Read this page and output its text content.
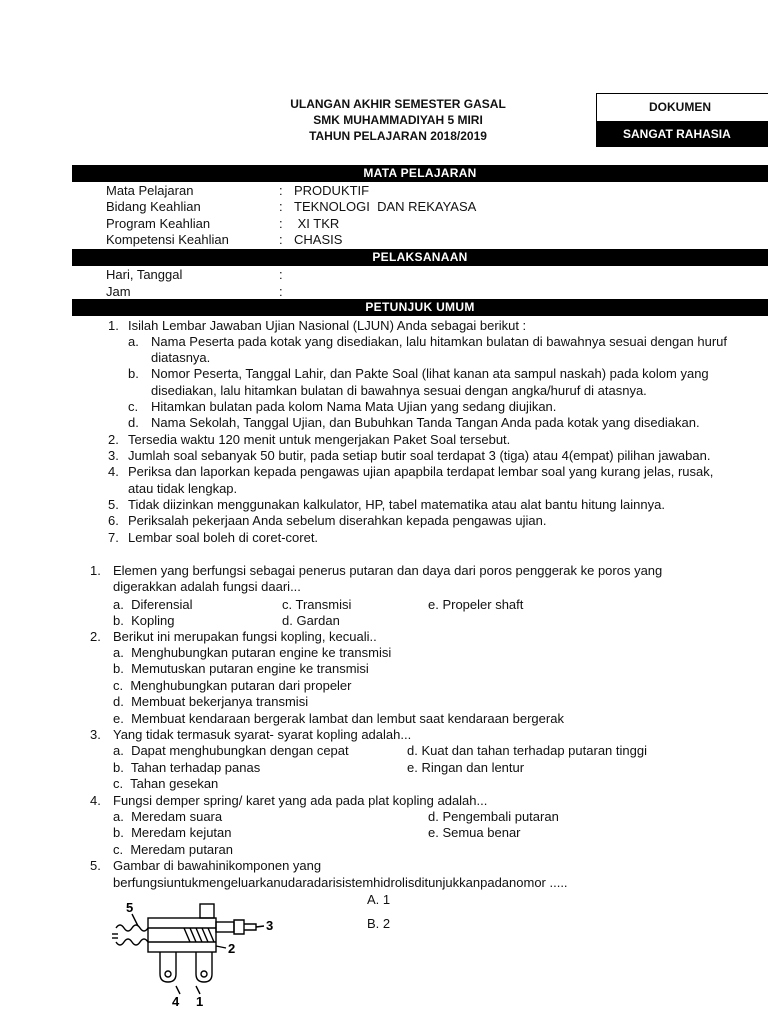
ULANGAN AKHIR SEMESTER GASAL
SMK MUHAMMADIYAH 5 MIRI
TAHUN PELAJARAN 2018/2019
DOKUMEN
SANGAT RAHASIA
MATA PELAJARAN
Mata Pelajaran	: PRODUKTIF
Bidang Keahlian	: TEKNOLOGI  DAN REKAYASA
Program Keahlian	: XI TKR
Kompetensi Keahlian	: CHASIS
PELAKSANAAN
Hari, Tanggal	:
Jam	:
PETUNJUK UMUM
1. Isilah Lembar Jawaban Ujian Nasional (LJUN) Anda sebagai berikut :
a. Nama Peserta pada kotak yang disediakan, lalu hitamkan bulatan di bawahnya sesuai dengan huruf
diatasnya.
b. Nomor Peserta, Tanggal Lahir, dan Pakte Soal (lihat kanan ata sampul naskah) pada kolom yang
disediakan, lalu hitamkan bulatan di bawahnya sesuai dengan angka/huruf di atasnya.
c. Hitamkan bulatan pada kolom Nama Mata Ujian yang sedang diujikan.
d. Nama Sekolah, Tanggal Ujian, dan Bubuhkan Tanda Tangan Anda pada kotak yang disediakan.
2. Tersedia waktu 120 menit untuk mengerjakan Paket Soal tersebut.
3. Jumlah soal sebanyak 50 butir, pada setiap butir soal terdapat 3 (tiga) atau 4(empat) pilihan jawaban.
4. Periksa dan laporkan kepada pengawas ujian apapbila terdapat lembar soal yang kurang jelas, rusak,
atau tidak lengkap.
5. Tidak diizinkan menggunakan kalkulator, HP, tabel matematika atau alat bantu hitung lainnya.
6. Periksalah pekerjaan Anda sebelum diserahkan kepada pengawas ujian.
7. Lembar soal boleh di coret-coret.
1. Elemen yang berfungsi sebagai penerus putaran dan daya dari poros penggerak ke poros yang
digerakkan adalah fungsi daari...
a.  Diferensial	c. Transmisi	e. Propeler shaft
b.  Kopling	d. Gardan
2. Berikut ini merupakan fungsi kopling, kecuali..
a.  Menghubungkan putaran engine ke transmisi
b.  Memutuskan putaran engine ke transmisi
c.  Menghubungkan putaran dari propeler
d.  Membuat bekerjanya transmisi
e.  Membuat kendaraan bergerak lambat dan lembut saat kendaraan bergerak
3. Yang tidak termasuk syarat- syarat kopling adalah...
a.  Dapat menghubungkan dengan cepat	d. Kuat dan tahan terhadap putaran tinggi
b.  Tahan terhadap panas	e. Ringan dan lentur
c.  Tahan gesekan
4. Fungsi demper spring/ karet yang ada pada plat kopling adalah...
a.  Meredam suara	d. Pengembali putaran
b.  Meredam kejutan	e. Semua benar
c.  Meredam putaran
5. Gambar di bawahinikomponen yang
berfungsiuntukmengeluarkanudaradarisistemhidrolisditunjukkanpadanomor .....
A. 1
B. 2
5
3
2
4 1
